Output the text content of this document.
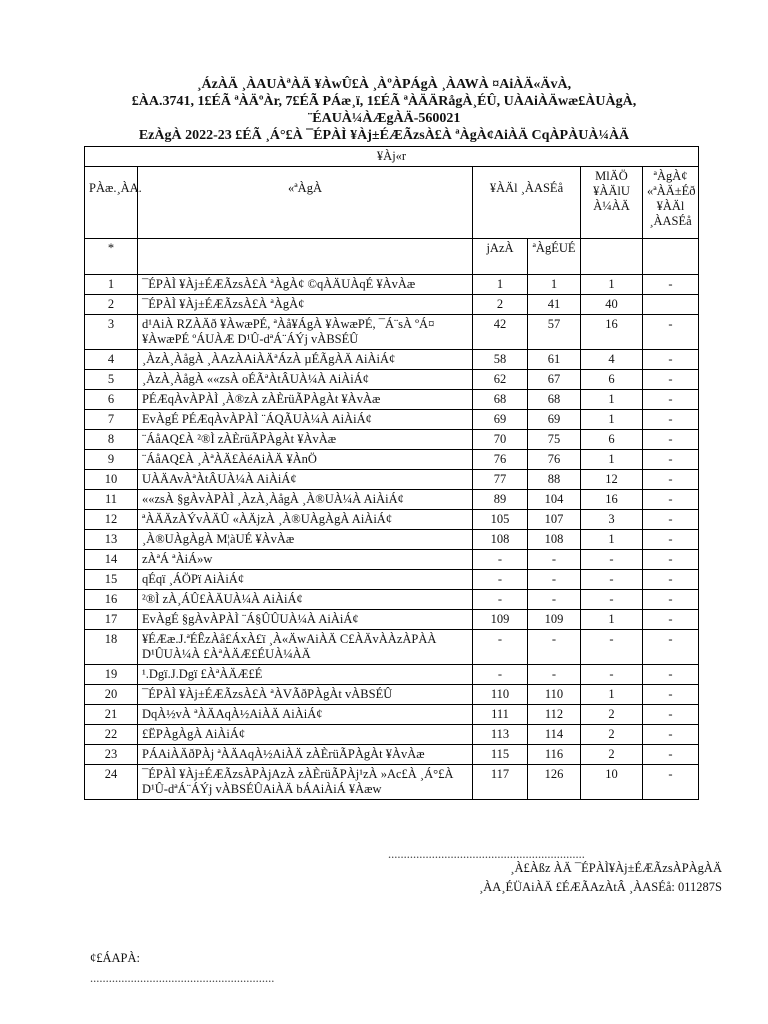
¸ÁzÀÄ ¸ÀAUÀªÀÄ ¥ÀwÛ£À ¸ÀºÀPÁgÀ ¸ÀAWÀ ¤AiÀÄ«ÄvÀ,
£ÀA.3741, 1£ÉÃ ªÀÄºÀr, 7£ÉÃ PÁæ¸ï, 1£ÉÃ ªÀÄÄRågÀ¸ÉÛ, UÀAiÀÄwæ£ÀUÀgÀ,
¨ÉAUÀ¼ÀÆgÀÄ-560021
EzÀgÀ 2022-23 £ÉÃ ¸Á°£À ¯ÉPÀÌ ¥Àj±ÉÆÃzsÀ£À ªÀgÀ¢AiÀÄ CqÀPÀUÀ¼ÀÄ
¥Àj«r					
PÀæ.¸ÀA.	«ªÀgÀ	¥ÀÄl ¸ÀASÉå		MlÄÖ ¥ÀÄlU À¼ÀÄ	ªÀgÀ¢ «ªÀÄ±Éð ¥ÀÄl ¸ÀASÉå
*		jAzÀ	ªÀgÉUÉ		
1	¯ÉPÀÌ ¥Àj±ÉÆÃzsÀ£À ªÀgÀ¢ ©qÀÄUÀqÉ ¥ÀvÀæ	1	1	1	-
2	¯ÉPÀÌ ¥Àj±ÉÆÃzsÀ£À ªÀgÀ¢	2	41	40	
3	d¹AiÀ RZÀÄð ¥ÀwæPÉ, ªÀå¥ÁgÀ ¥ÀwæPÉ, ¯Á¨sÀ ºÁ¤ ¥ÀwæPÉ ºÁUÀÆ D¹Û-dªÁ¨ÁÝj vÀBSÉÛ	42	57	16	-
4	¸ÀzÀ¸ÀågÀ ¸ÀAzÀAiÀÄªÁzÀ µÉÃgÀÄ AiÀiÁ¢	58	61	4	-
5	¸ÀzÀ¸ÀågÀ ««zsÀ oÉÃªÀtÂUÀ¼À AiÀiÁ¢	62	67	6	-
6	PÉÆqÀvÀPÀÌ ¸À®zÀ zÀÈrüÃPÀgÀt ¥ÀvÀæ	68	68	1	-
7	EvÀgÉ PÉÆqÀvÀPÀÌ ¨ÁQÃUÀ¼À AiÀiÁ¢	69	69	1	-
8	¨ÁåAQ£À ²®Ì zÀÈrüÃPÀgÀt ¥ÀvÀæ	70	75	6	-
9	¨ÁåAQ£À ¸ÀªÀÄ£ÀéAiÀÄ ¥ÀnÖ	76	76	1	-
10	UÀÄAvÀªÀtÂUÀ¼À AiÀiÁ¢	77	88	12	-
11	««zsÀ §gÀvÀPÀÌ ¸ÀzÀ¸ÀågÀ ¸À®UÀ¼À AiÀiÁ¢	89	104	16	-
12	ªÀÄÄzÀÝvÀÄÛ «ÀÄjzÀ ¸À®UÀgÀgÀ AiÀiÁ¢	105	107	3	-
13	¸À®UÀgÀgÀ M¦àUÉ ¥ÀvÀæ	108	108	1	-
14	zÀªÁ ªÀiÁ»w	-	-	-	-
15	qÉqï ¸ÁÖPï AiÀiÁ¢	-	-	-	-
16	²®Ì zÀ¸ÁÛ£ÀÄUÀ¼À AiÀiÁ¢	-	-	-	-
17	EvÀgÉ §gÀvÀPÀÌ ¨Á§ÛÛUÀ¼À AiÀiÁ¢	109	109	1	-
18	¥ÉÆæ.J.ªÉÊzÀå£ÁxÀ£ï ¸À«ÄwAiÀÄ C£ÀÄvÀÀzÀPÀÀ D¹ÛUÀ¼À £ÀªÀÄÆ£ÉUÀ¼ÀÄ	-	-	-	-
19	¹.Dgï.J.Dgï £ÀªÀÄÆ£É	-	-	-	-
20	¯ÉPÀÌ ¥Àj±ÉÆÃzsÀ£À ªÀVÃðPÀgÀt vÀBSÉÛ	110	110	1	-
21	DqÀ½vÀ ªÀÄAqÀ½AiÀÄ AiÀiÁ¢	111	112	2	-
22	£ËPÀgÀgÀ AiÀiÁ¢	113	114	2	-
23	PÁAiÀÄðPÀj ªÀÄAqÀ½AiÀÄ zÀÈrüÃPÀgÀt ¥ÀvÀæ	115	116	2	-
24	¯ÉPÀÌ ¥Àj±ÉÆÃzsÀPÀjAzÀ zÀÈrüÃPÀj¹zÀ »Ac£À ¸Á°£À D¹Û-dªÁ¨ÁÝj vÀBSÉÛAiÀÄ bÁAiÀiÁ ¥Àæw	117	126	10	-
...............................................................
¸À£Àßz ÀÄ ¯ÉPÀÌ¥Àj±ÉÆÃzsÀPÀgÀÄ
¸ÀA¸ÉÜAiÀÄ £ÉÆÃAzÀtÂ ¸ÀASÉå: 011287S
¢£ÁAPÀ:
...........................................................
